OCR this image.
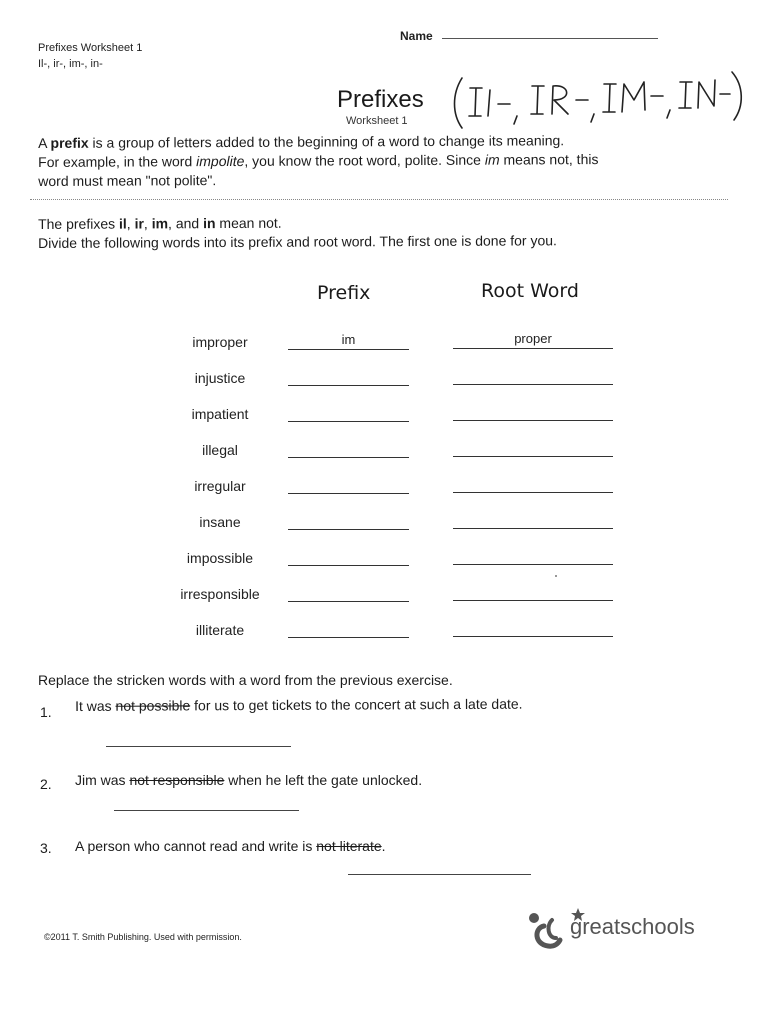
Prefixes Worksheet 1
Il-, ir-, im-, in-
Name
Prefixes
Worksheet 1
A prefix is a group of letters added to the beginning of a word to change its meaning.
For example, in the word impolite, you know the root word, polite. Since im means not, this
word must mean "not polite".
The prefixes il, ir, im, and in mean not.
Divide the following words into its prefix and root word. The first one is done for you.
Prefix	Root Word
improper	im	proper
injustice
impatient
illegal
irregular
insane
impossible
irresponsible
illiterate
Replace the stricken words with a word from the previous exercise.
1. It was not possible for us to get tickets to the concert at such a late date.
2. Jim was not responsible when he left the gate unlocked.
3. A person who cannot read and write is not literate.
©2011 T. Smith Publishing. Used with permission.	greatschools
